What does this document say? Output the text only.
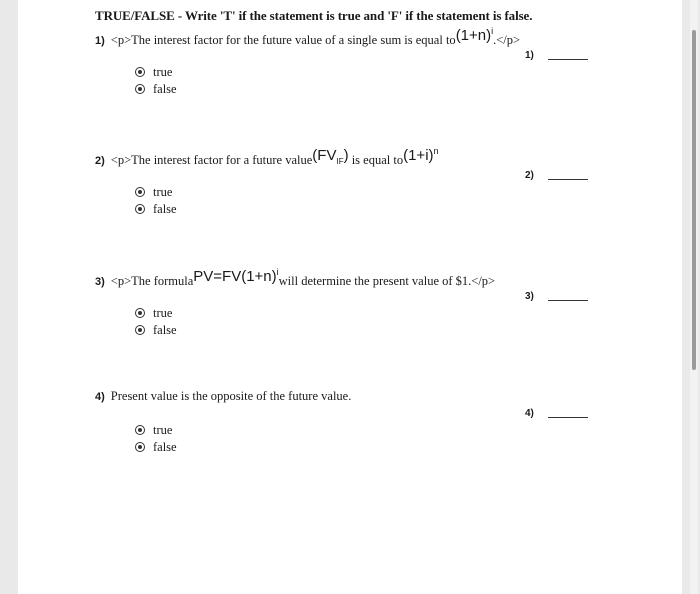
TRUE/FALSE - Write 'T' if the statement is true and 'F' if the statement is false.
1) <p>The interest factor for the future value of a single sum is equal $to(1+n)^i.</p>$
1)
true
false
2) <p>The interest factor for a future $value(FV_{IF})$ is equal $to(1+i)^n$
2)
true
false
3) <p>The $formulaPV=FV(1+n)^iwill$ determine the present value of $1.</p>
3)
true
false
4) Present value is the opposite of the future value.
4)
true
false
